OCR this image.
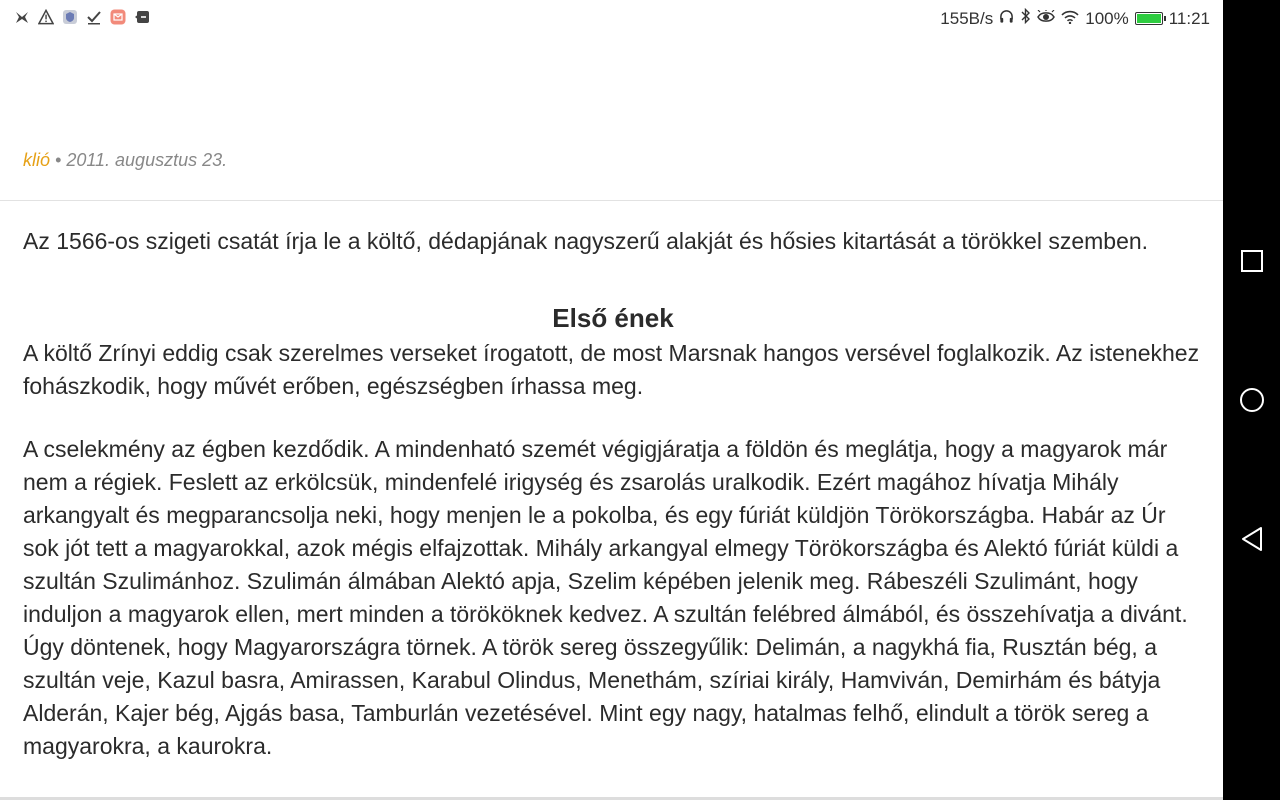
155B/s	100% 11:21
klió • 2011. augusztus 23.

Az 1566-os szigeti csatát írja le a költő, dédapjának nagyszerű alakját és hősies kitartását a törökkel szemben.

Első ének

A költő Zrínyi eddig csak szerelmes verseket írogatott, de most Marsnak hangos versével foglalkozik. Az istenekhez fohászkodik, hogy művét erőben, egészségben írhassa meg.

A cselekmény az égben kezdődik. A mindenható szemét végigjáratja a földön és meglátja, hogy a magyarok már nem a régiek. Feslett az erkölcsük, mindenfelé irigység és zsarolás uralkodik. Ezért magához hívatja Mihály arkangyalt és megparancsolja neki, hogy menjen le a pokolba, és egy fúriát küldjön Törökországba. Habár az Úr sok jót tett a magyarokkal, azok mégis elfajzottak. Mihály arkangyal elmegy Törökországba és Alektó fúriát küldi a szultán Szulimánhoz. Szulimán álmában Alektó apja, Szelim képében jelenik meg. Rábeszéli Szulimánt, hogy induljon a magyarok ellen, mert minden a törököknek kedvez. A szultán felébred álmából, és összehívatja a divánt. Úgy döntenek, hogy Magyarországra törnek. A török sereg összegyűlik: Delimán, a nagykhá fia, Rusztán bég, a szultán veje, Kazul basra, Amirassen, Karabul Olindus, Menethám, szíriai király, Hamviván, Demirhám és bátyja Alderán, Kajer bég, Ajgás basa, Tamburlán vezetésével. Mint egy nagy, hatalmas felhő, elindult a török sereg a magyarokra, a kaurokra.
